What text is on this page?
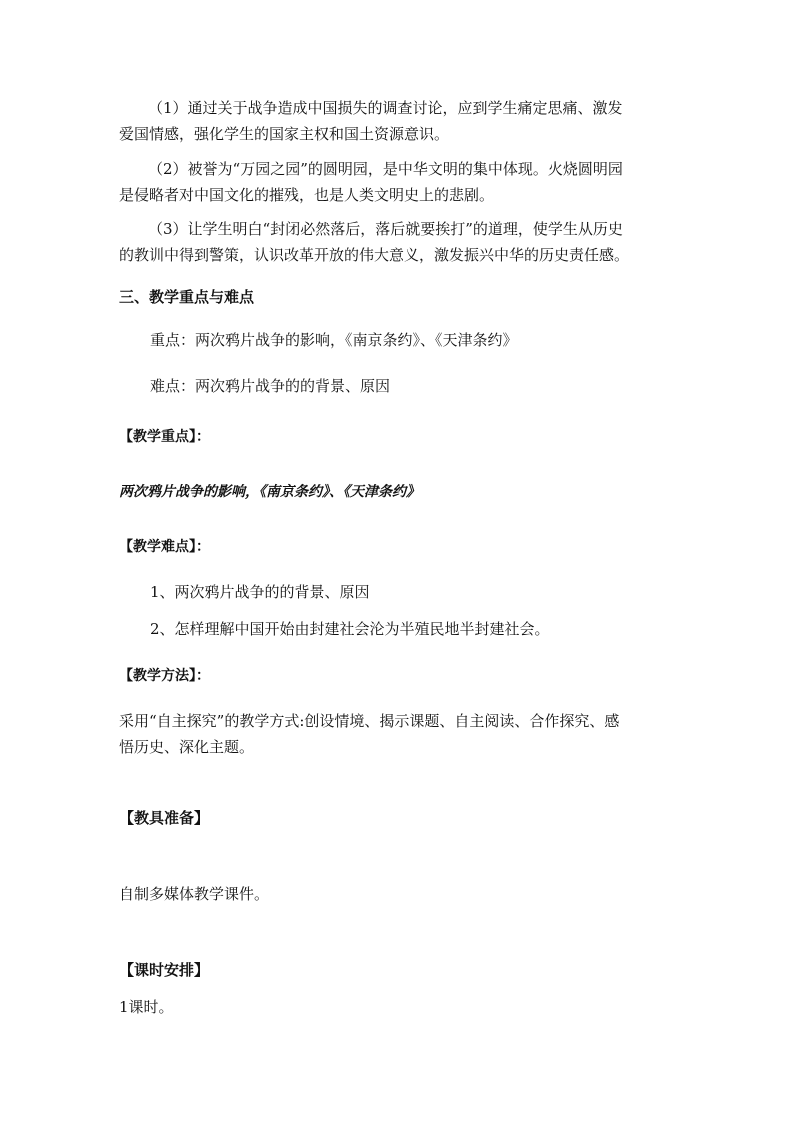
（1）通过关于战争造成中国损失的调查讨论，应到学生痛定思痛、激发
爱国情感，强化学生的国家主权和国土资源意识。
（2）被誉为“万园之园”的圆明园，是中华文明的集中体现。火烧圆明园
是侵略者对中国文化的摧残，也是人类文明史上的悲剧。
（3）让学生明白“封闭必然落后，落后就要挨打”的道理，使学生从历史
的教训中得到警策，认识改革开放的伟大意义，激发振兴中华的历史责任感。
三、教学重点与难点
重点：两次鸦片战争的影响，《南京条约》、《天津条约》
难点：两次鸦片战争的的背景、原因
【教学重点】：
两次鸦片战争的影响，《南京条约》、《天津条约》
【教学难点】：
1、两次鸦片战争的的背景、原因
2、怎样理解中国开始由封建社会沦为半殖民地半封建社会。
【教学方法】：
采用“自主探究”的教学方式:创设情境、揭示课题、自主阅读、合作探究、感
悟历史、深化主题。
【教具准备】
自制多媒体教学课件。
【课时安排】
1课时。
